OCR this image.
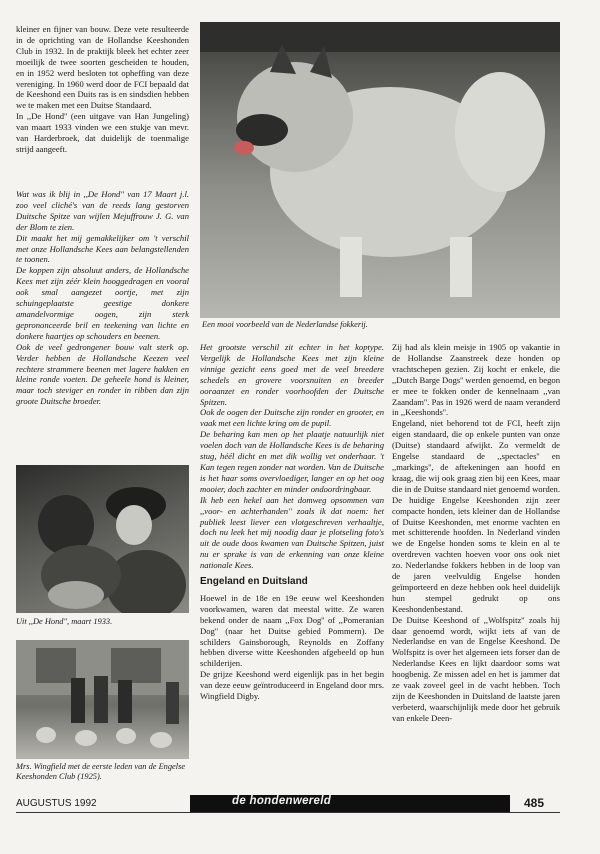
kleiner en fijner van bouw. Deze vete resulteerde in de oprichting van de Hollandse Keeshonden Club in 1932. In de praktijk bleek het echter zeer moeilijk de twee soorten gescheiden te houden, en in 1952 werd besloten tot opheffing van deze vereniging. In 1960 werd door de FCI bepaald dat de Keeshond een Duits ras is en sindsdien hebben we te maken met een Duitse Standaard.

In ,,De Hond'' (een uitgave van Han Jungeling) van maart 1933 vinden we een stukje van mevr. van Harderbroek, dat duidelijk de toenmalige strijd aangeeft.

Wat was ik blij in ,,De Hond'' van 17 Maart j.l. zoo veel cliché's van de reeds lang gestorven Duitsche Spitze van wijlen Mejuffrouw J. G. van der Blom te zien.

Dit maakt het mij gemakkelijker om 't verschil met onze Hollandsche Kees aan belangstellenden te toonen.

De koppen zijn absoluut anders, de Hollandsche Kees met zijn zéér klein hooggedragen en vooral ook smal aangezet oortje, met zijn schuingeplaatste geestige donkere amandelvormige oogen, zijn sterk geprononceerde bril en teekening van lichte en donkere haartjes op schouders en beenen.

Ook de veel gedrongener bouw valt sterk op. Verder hebben de Hollandsche Keezen veel rechtere strammere beenen met lagere hakken en kleine ronde voeten. De geheele hond is kleiner, maar toch steviger en ronder in ribben dan zijn groote Duitsche broeder.

Een mooi voorbeeld van de Nederlandse fokkerij.
Uit ,,De Hond'', maart 1933.
Mrs. Wingfield met de eerste leden van de Engelse Keeshonden Club (1925).

Het grootste verschil zit echter in het koptype. Vergelijk de Hollandsche Kees met zijn kleine vinnige gezicht eens goed met de veel breedere schedels en grovere voorsnuiten en breeder ooraanzet en ronder voorhoofden der Duitsche Spitzen.

Ook de oogen der Duitsche zijn ronder en grooter, en vaak met een lichte kring om de pupil.

De beharing kan men op het plaatje natuurlijk niet voelen doch van de Hollandsche Kees is de beharing stug, héél dicht en met dik wollig vet onderhaar. 't Kan tegen regen zonder nat worden. Van de Duitsche is het haar soms overvloediger, langer en op het oog mooier, doch zachter en minder ondoordringbaar.

Ik heb een hekel aan het domweg opsommen van ,,voor- en achterhanden'' zoals ik dat noem: het publiek leest liever een vlotgeschreven verhaaltje, doch nu leek het mij noodig daar je plotseling foto's uit de oude doos kwamen van Duitsche Spitzen, juist nu er sprake is van de erkenning van onze kleine nationale Kees.

Engeland en Duitsland

Hoewel in de 18e en 19e eeuw wel Keeshonden voorkwamen, waren dat meestal witte. Ze waren bekend onder de naam ,,Fox Dog'' of ,,Pomeranian Dog'' (naar het Duitse gebied Pommern). De schilders Gainsborough, Reynolds en Zoffany hebben diverse witte Keeshonden afgebeeld op hun schilderijen.

De grijze Keeshond werd eigenlijk pas in het begin van deze eeuw geïntroduceerd in Engeland door mrs. Wingfield Digby.

Zij had als klein meisje in 1905 op vakantie in de Hollandse Zaanstreek deze honden op vrachtschepen gezien. Zij kocht er enkele, die ,,Dutch Barge Dogs'' werden genoemd, en begon er mee te fokken onder de kennelnaam ,,van Zaandam''. Pas in 1926 werd de naam veranderd in ,,Keeshonds''.

Engeland, niet behorend tot de FCI, heeft zijn eigen standaard, die op enkele punten van onze (Duitse) standaard afwijkt. Zo vermeldt de Engelse standaard de ,,spectacles'' en ,,markings'', de aftekeningen aan hoofd en kraag, die wij ook graag zien bij een Kees, maar die in de Duitse standaard niet genoemd worden.

De huidige Engelse Keeshonden zijn zeer compacte honden, iets kleiner dan de Hollandse of Duitse Keeshonden, met enorme vachten en met schitterende hoofden. In Nederland vinden we de Engelse honden soms te klein en al te overdreven vachten hoeven voor ons ook niet zo. Nederlandse fokkers hebben in de loop van de jaren veelvuldig Engelse honden geïmporteerd en deze hebben ook heel duidelijk hun stempel gedrukt op ons Keeshondenbestand.

De Duitse Keeshond of ,,Wolfspitz'' zoals hij daar genoemd wordt, wijkt iets af van de Nederlandse en van de Engelse Keeshond. De Wolfspitz is over het algemeen iets forser dan de Nederlandse Kees en lijkt daardoor soms wat hoogbenig. Ze missen adel en het is jammer dat ze vaak zoveel geel in de vacht hebben. Toch zijn de Keeshonden in Duitsland de laatste jaren verbeterd, waarschijnlijk mede door het gebruik van enkele Deen-

AUGUSTUS 1992	de hondenwereld	485
